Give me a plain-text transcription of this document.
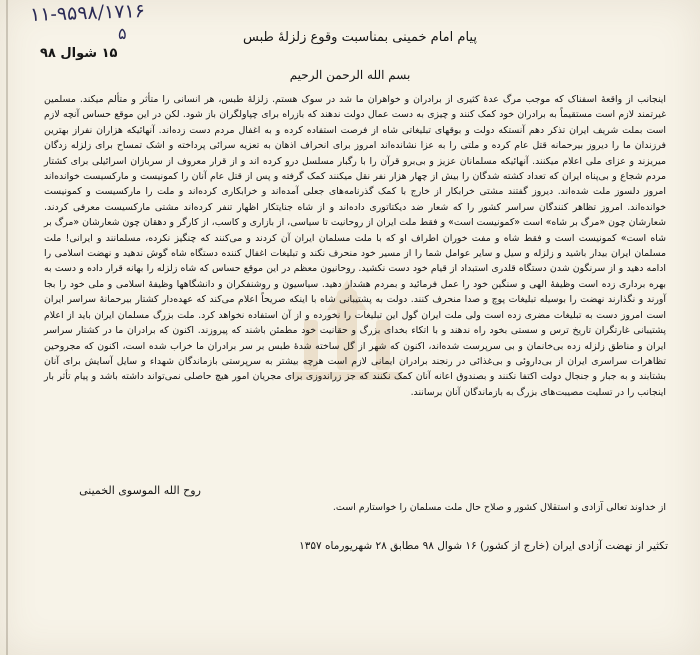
۱۱-۹۵۹۸/۱۷۱۶
۵	پیام امام خمینی بمناسبت وقوع زلزله‌ٔ طبس
۱۵ شوال ۹۸
بسم الله الرحمن الرحیم

اینجانب از واقعه‌ٔ اسفناک که موجب مرگ عده‌ٔ کثیری از برادران و خواهران ما شد در سوک هستم. زلزله‌ٔ طبس، هر انسانی را متأثر و متألم میکند. مسلمین غیرتمند لازم است مستقیماً به برادران خود کمک کنند و چیزی به دست عمال دولت ندهند که بازراه برای چپاولگران باز شود. لکن در این موقع حساس آنچه لازم است بملت شریف ایران تذکر دهم آنستکه دولت و بوقهای تبلیغاتی شاه از فرصت استفاده کرده و به اغفال مردم دست زده‌اند. آنهائیکه هزاران نفراز بهترین فرزندان ما را دیروز بیرحمانه قتل عام کرده و ملتی را به عزا نشانده‌اند امروز برای انحراف اذهان به تعزیه سرائی پرداخته و اشک تمساح برای زلزله زدگان میریزند و عزای ملی اعلام میکنند. آنهائیکه مسلمانان عزیز و بی‌برو قرآن را با رگبار مسلسل درو کرده اند و از قرار معروف از سربازان اسرائیلی برای کشتار مردم شجاع و بی‌پناه ایران که تعداد کشته شدگان را بیش از چهار هزار نفر نقل میکنند کمک گرفته و پس از قتل عام آنان را کمونیست و مارکسیست خوانده‌اند امروز دلسوز ملت شده‌اند. دیروز گفتند مشتی خرابکار از خارج با کمک گذرنامه‌های جعلی آمده‌اند و خرابکاری کرده‌اند و ملت را مارکسیست و کمونیست خوانده‌اند. امروز تظاهر کنندگان سراسر کشور را که شعار ضد دیکتاتوری داده‌اند و از شاه جنایتکار اظهار تنفر کرده‌اند مشتی مارکسیست معرفی کردند. شعارشان چون «مرگ بر شاه» است «کمونیست است» و فقط ملت ایران از روحانیت تا سیاسی، از بازاری و کاسب، از کارگر و دهقان چون شعارشان «مرگ بر شاه است» کمونیست است و فقط شاه و مفت خوران اطراف او که با ملت مسلمان ایران آن کردند و می‌کنند که چنگیز نکرده، مسلمانند و ایرانی! ملت مسلمان ایران بیدار باشید و زلزله و سیل و سایر عوامل شما را از مسیر خود منحرف نکند و تبلیغات اغفال کننده دستگاه شاه گوش ندهید و نهضت اسلامی را ادامه دهید و از سرنگون شدن دستگاه قلدری استبداد از قیام خود دست نکشید. روحانیون معظم در این موقع حساس که شاه زلزله را بهانه قرار داده و دست به بهره برداری زده است وظیفه‌ٔ الهی و سنگین خود را عمل فرمائید و بمردم هشدار دهید. سیاسیون و روشنفکران و دانشگاهها وظیفه‌ٔ اسلامی و ملی خود را بجا آورند و نگذارند نهضت را بوسیله تبلیغات پوچ و صدا منحرف کنند. دولت به پشتیبانی شاه با اینکه صریحاً اعلام می‌کند که عهده‌دار کشتار بیرحمانه‌ٔ سراسر ایران است امروز دست به تبلیغات مضری زده است ولی ملت ایران گول این تبلیغات را نخورده و از آن استفاده نخواهد کرد. ملت بزرگ مسلمان ایران باید از اعلام پشتیبانی غارتگران تاریخ ترس و سستی بخود راه ندهند و با اتکاء بخدای بزرگ و حقانیت خود مطمئن باشند که پیروزند. اکنون که برادران ما در کشتار سراسر ایران و مناطق زلزله زده بی‌خانمان و بی سرپرست شده‌اند، اکنون که شهر از گل ساخته شده‌ٔ طبس بر سر برادران ما خراب شده است، اکنون که مجروحین تظاهرات سراسری ایران از بی‌داروئی و بی‌غذائی در رنجند برادران ایمانی لازم است هرچه بیشتر به سرپرستی بازماندگان شهداء و سایل آسایش برای آنان بشتابند و به جبار و جنجال دولت اکتفا نکنند و بصندوق اعانه آنان کمک نکنند که جز زراندوزی برای مجریان امور هیچ حاصلی نمی‌تواند داشته باشد و پیام تأثر بار اینجانب را در تسلیت مصیبت‌های بزرگ به بازماندگان آنان برسانند.

روح الله الموسوی الخمینی
از خداوند تعالی آزادی و استقلال کشور و صلاح حال ملت مسلمان را خواستارم است.
تکثیر از نهضت آزادی ایران (خارج از کشور) ۱۶ شوال ۹۸ مطابق ۲۸ شهریورماه ۱۳۵۷
